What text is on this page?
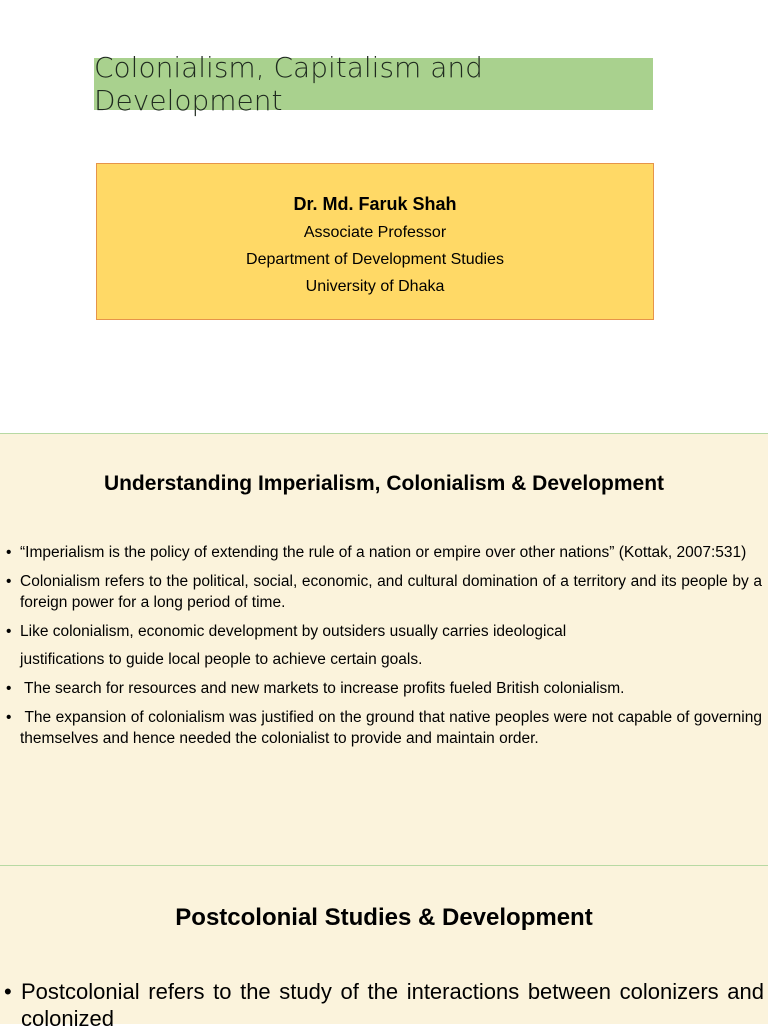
Colonialism, Capitalism and Development
Dr. Md. Faruk Shah
Associate Professor
Department of Development Studies
University of Dhaka
Understanding Imperialism, Colonialism & Development
• “Imperialism is the policy of extending the rule of a nation or empire over other nations” (Kottak, 2007:531)
• Colonialism refers to the political, social, economic, and cultural domination of a territory and its people by a foreign power for a long period of time.
• Like colonialism, economic development by outsiders usually carries ideological
justifications to guide local people to achieve certain goals.
• The search for resources and new markets to increase profits fueled British colonialism.
• The expansion of colonialism was justified on the ground that native peoples were not capable of governing themselves and hence needed the colonialist to provide and maintain order.
Postcolonial Studies & Development
• Postcolonial refers to the study of the interactions between colonizers and colonized
